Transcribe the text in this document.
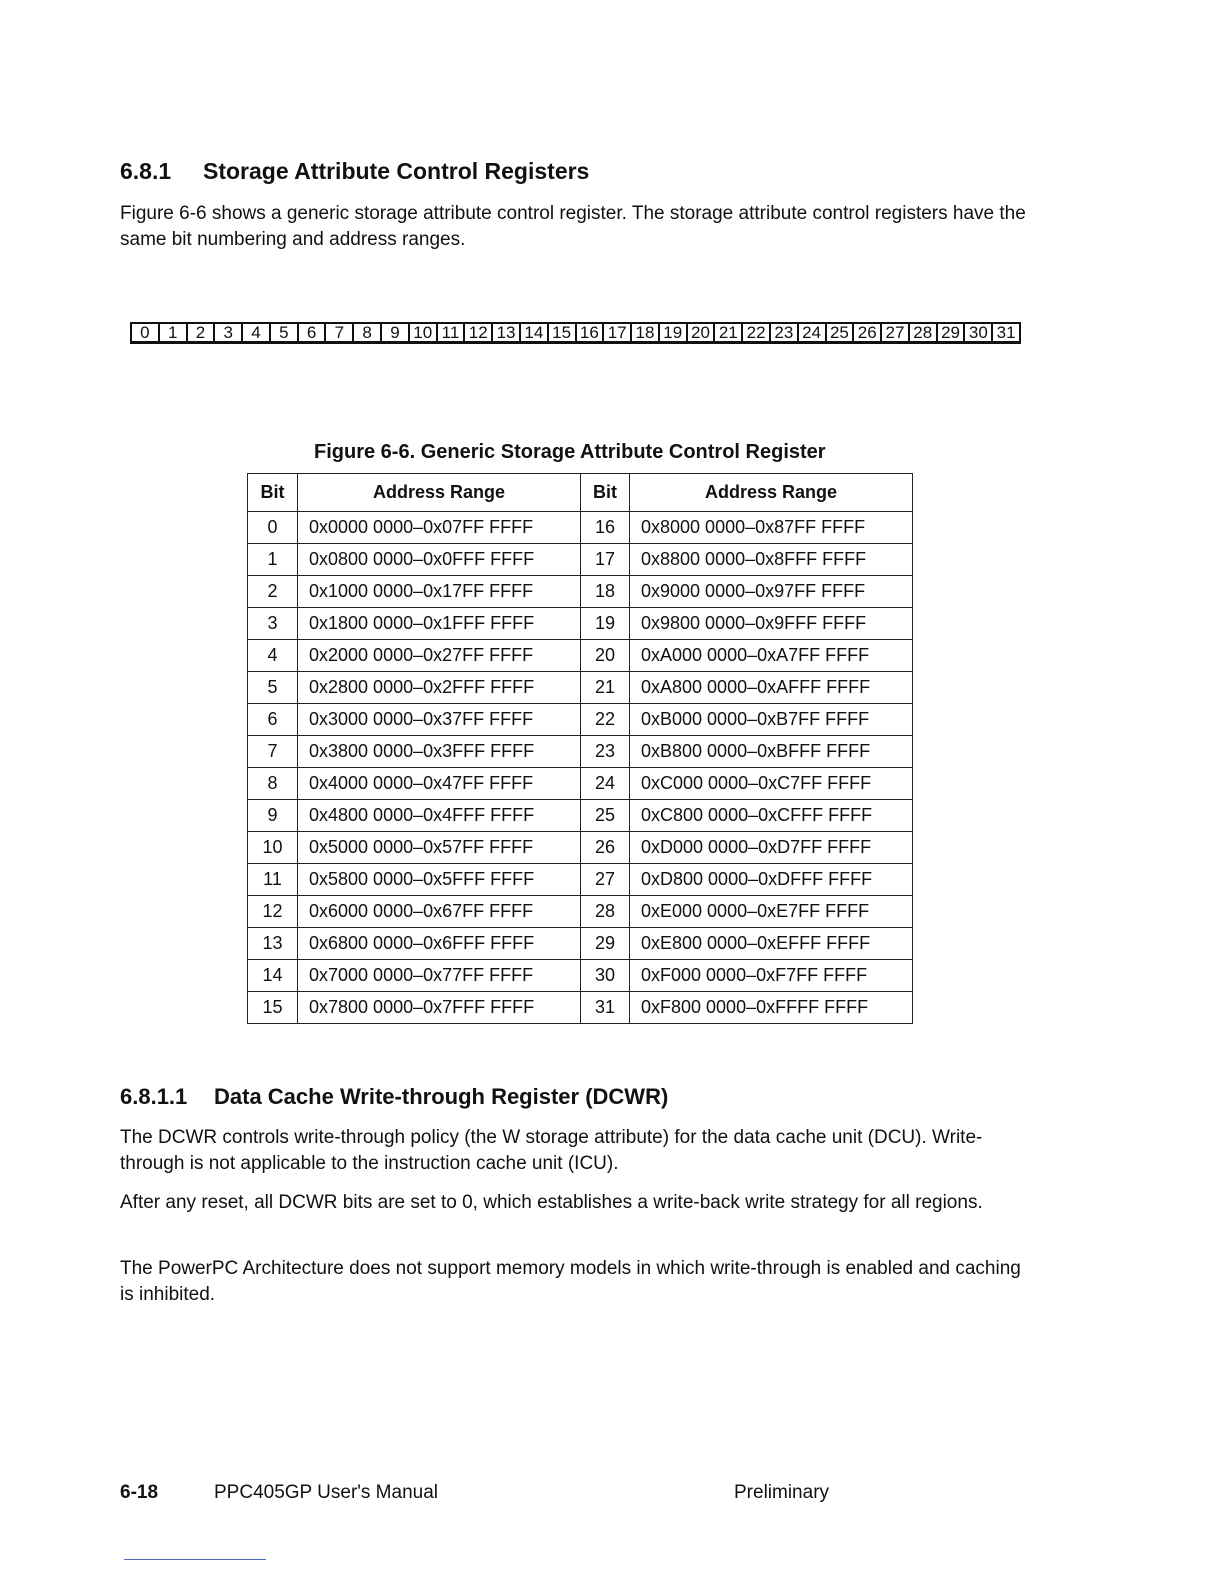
6.8.1 Storage Attribute Control Registers
Figure 6-6 shows a generic storage attribute control register. The storage attribute control registers have the same bit numbering and address ranges.
0	1	2	3	4	5	6	7	8	9 10 11 12 13 14 15 16 17 18 19 20 21 22 23 24 25 26 27 28 29 30 31
Figure 6-6. Generic Storage Attribute Control Register
Bit	Address Range	Bit	Address Range
0	0x0000 0000–0x07FF FFFF	16	0x8000 0000–0x87FF FFFF
1	0x0800 0000–0x0FFF FFFF	17	0x8800 0000–0x8FFF FFFF
2	0x1000 0000–0x17FF FFFF	18	0x9000 0000–0x97FF FFFF
3	0x1800 0000–0x1FFF FFFF	19	0x9800 0000–0x9FFF FFFF
4	0x2000 0000–0x27FF FFFF	20	0xA000 0000–0xA7FF FFFF
5	0x2800 0000–0x2FFF FFFF	21	0xA800 0000–0xAFFF FFFF
6	0x3000 0000–0x37FF FFFF	22	0xB000 0000–0xB7FF FFFF
7	0x3800 0000–0x3FFF FFFF	23	0xB800 0000–0xBFFF FFFF
8	0x4000 0000–0x47FF FFFF	24	0xC000 0000–0xC7FF FFFF
9	0x4800 0000–0x4FFF FFFF	25	0xC800 0000–0xCFFF FFFF
10	0x5000 0000–0x57FF FFFF	26	0xD000 0000–0xD7FF FFFF
11	0x5800 0000–0x5FFF FFFF	27	0xD800 0000–0xDFFF FFFF
12	0x6000 0000–0x67FF FFFF	28	0xE000 0000–0xE7FF FFFF
13	0x6800 0000–0x6FFF FFFF	29	0xE800 0000–0xEFFF FFFF
14	0x7000 0000–0x77FF FFFF	30	0xF000 0000–0xF7FF FFFF
15	0x7800 0000–0x7FFF FFFF	31	0xF800 0000–0xFFFF FFFF
6.8.1.1 Data Cache Write-through Register (DCWR)
The DCWR controls write-through policy (the W storage attribute) for the data cache unit (DCU). Write-through is not applicable to the instruction cache unit (ICU).
After any reset, all DCWR bits are set to 0, which establishes a write-back write strategy for all regions.
The PowerPC Architecture does not support memory models in which write-through is enabled and caching is inhibited.
6-18	PPC405GP User's Manual	Preliminary
